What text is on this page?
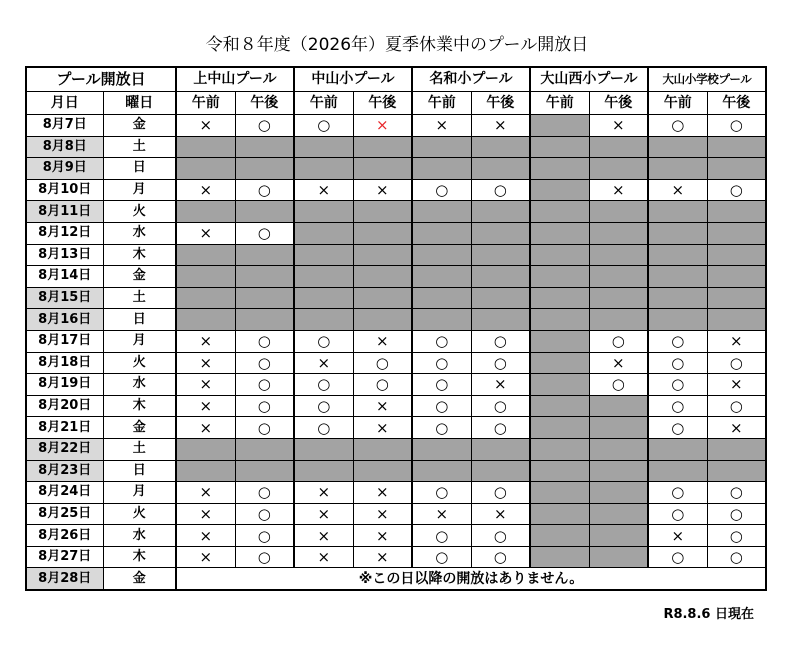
令和８年度（2026年）夏季休業中のプール開放日
プール開放日		上中山プール		中山小プール		名和小プール		大山西小プール		大山小学校プール	
月日	曜日	午前	午後	午前	午後	午前	午後	午前	午後	午前	午後
8月7日	金	×	○	○	×	×	×		×	○	○
8月8日	土										
8月9日	日										
8月10日	月	×	○	×	×	○	○		×	×	○
8月11日	火										
8月12日	水	×	○								
8月13日	木										
8月14日	金										
8月15日	土										
8月16日	日										
8月17日	月	×	○	○	×	○	○		○	○	×
8月18日	火	×	○	×	○	○	○		×	○	○
8月19日	水	×	○	○	○	○	×		○	○	×
8月20日	木	×	○	○	×	○	○			○	○
8月21日	金	×	○	○	×	○	○			○	×
8月22日	土										
8月23日	日										
8月24日	月	×	○	×	×	○	○			○	○
8月25日	火	×	○	×	×	×	×			○	○
8月26日	水	×	○	×	×	○	○			×	○
8月27日	木	×	○	×	×	○	○			○	○
8月28日	金	※この日以降の開放はありません。									
R8.8.6 日現在
